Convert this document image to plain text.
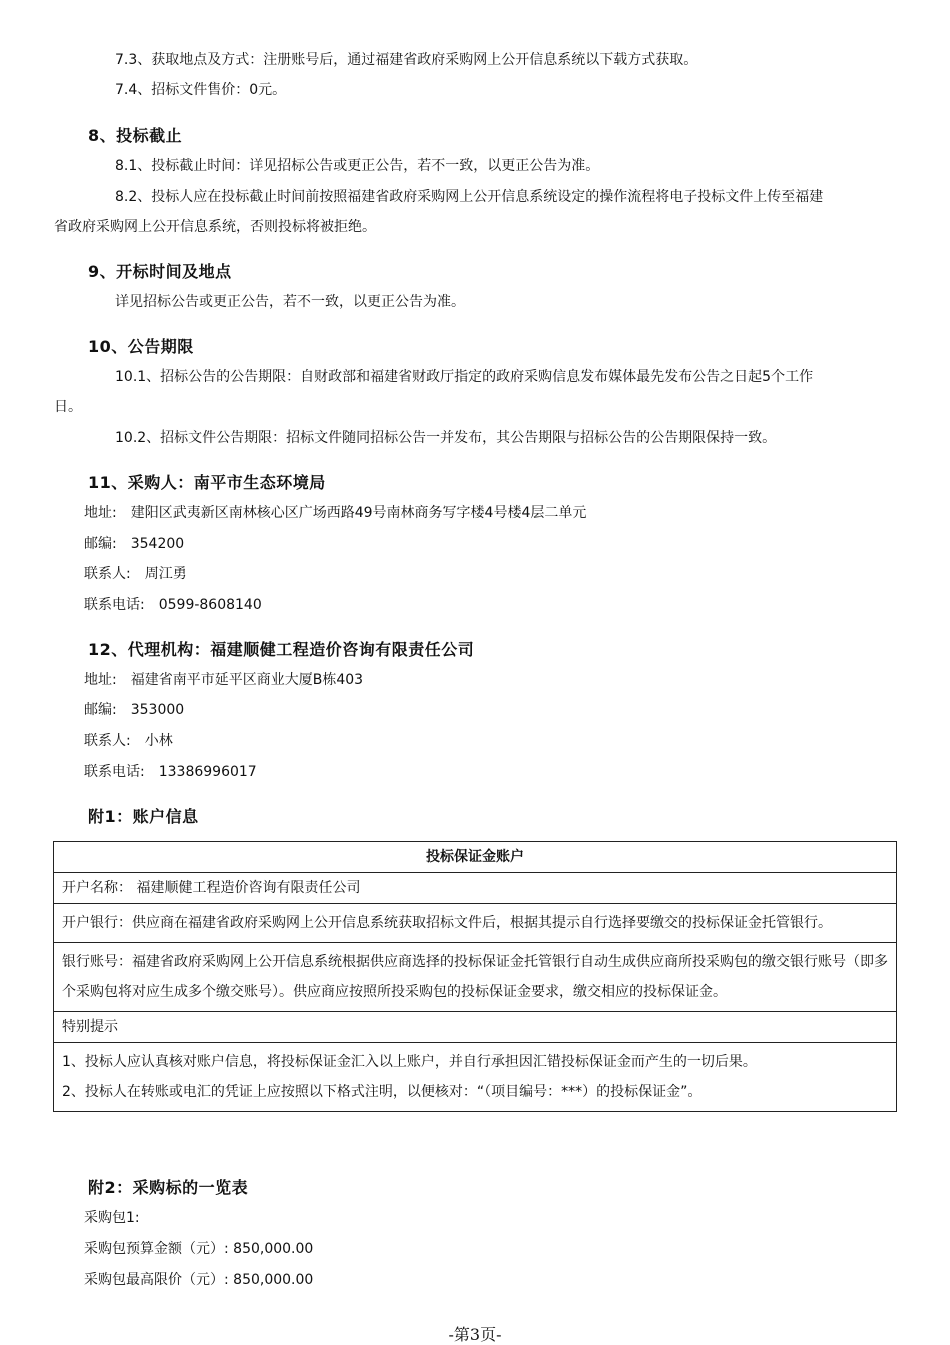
7.3、获取地点及方式：注册账号后，通过福建省政府采购网上公开信息系统以下载方式获取。
7.4、招标文件售价：0元。
8、投标截止
8.1、投标截止时间：详见招标公告或更正公告，若不一致，以更正公告为准。
8.2、投标人应在投标截止时间前按照福建省政府采购网上公开信息系统设定的操作流程将电子投标文件上传至福建
省政府采购网上公开信息系统，否则投标将被拒绝。
9、开标时间及地点
详见招标公告或更正公告，若不一致，以更正公告为准。
10、公告期限
10.1、招标公告的公告期限：自财政部和福建省财政厅指定的政府采购信息发布媒体最先发布公告之日起5个工作
日。
10.2、招标文件公告期限：招标文件随同招标公告一并发布，其公告期限与招标公告的公告期限保持一致。
11、采购人：南平市生态环境局
地址: 建阳区武夷新区南林核心区广场西路49号南林商务写字楼4号楼4层二单元
邮编: 354200
联系人: 周江勇
联系电话: 0599-8608140
12、代理机构：福建顺健工程造价咨询有限责任公司
地址: 福建省南平市延平区商业大厦B栋403
邮编: 353000
联系人: 小林
联系电话: 13386996017
附1：账户信息
投标保证金账户
开户名称： 福建顺健工程造价咨询有限责任公司
开户银行：供应商在福建省政府采购网上公开信息系统获取招标文件后，根据其提示自行选择要缴交的投标保证金托管银行。
银行账号：福建省政府采购网上公开信息系统根据供应商选择的投标保证金托管银行自动生成供应商所投采购包的缴交银行账号（即多个采购包将对应生成多个缴交账号）。供应商应按照所投采购包的投标保证金要求，缴交相应的投标保证金。
特别提示

1、投标人应认真核对账户信息，将投标保证金汇入以上账户，并自行承担因汇错投标保证金而产生的一切后果。
2、投标人在转账或电汇的凭证上应按照以下格式注明，以便核对：“（项目编号：***）的投标保证金”。
附2：采购标的一览表
采购包1:
采购包预算金额（元）: 850,000.00
采购包最高限价（元）: 850,000.00
-第3页-
